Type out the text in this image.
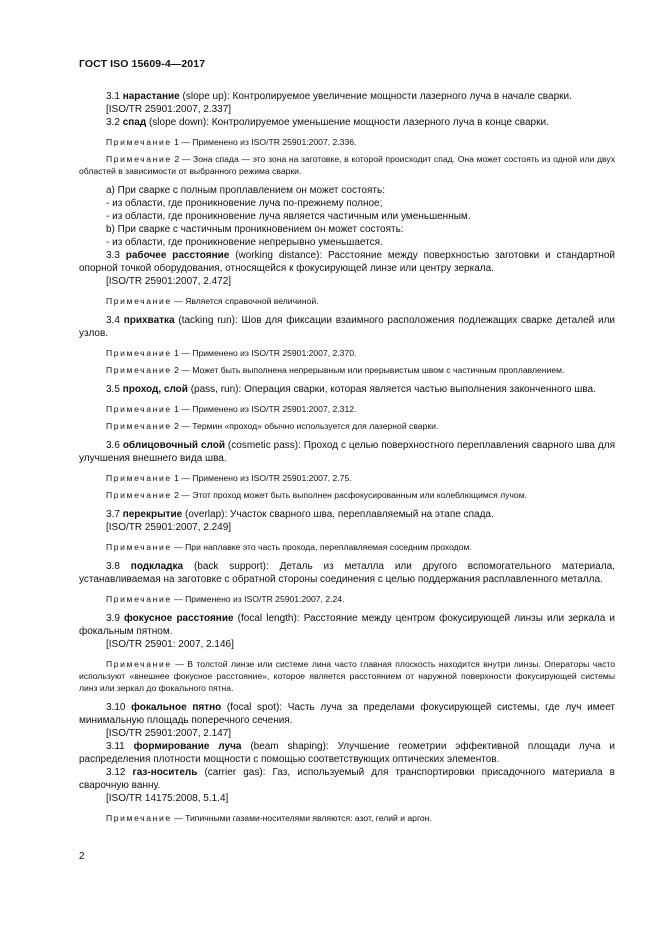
ГОСТ ISO 15609-4—2017

3.1 нарастание (slope up): Контролируемое увеличение мощности лазерного луча в начале сварки.

[ISO/TR 25901:2007, 2.337]

3.2 спад (slope down): Контролируемое уменьшение мощности лазерного луча в конце сварки.

Примечание 1 — Применено из ISO/TR 25901:2007, 2.336.

Примечание 2 — Зона спада — это зона на заготовке, в которой происходит спад. Она может состоять из одной или двух областей в зависимости от выбранного режима сварки.

а) При сварке с полным проплавлением он может состоять:

- из области, где проникновение луча по-прежнему полное;

- из области, где проникновение луча является частичным или уменьшенным.

b) При сварке с частичным проникновением он может состоять:

- из области, где проникновение непрерывно уменьшается.

3.3 рабочее расстояние (working distance): Расстояние между поверхностью заготовки и стандартной опорной точкой оборудования, относящейся к фокусирующей линзе или центру зеркала.

[ISO/TR 25901:2007, 2.472]

Примечание — Является справочной величиной.

3.4 прихватка (tacking run): Шов для фиксации взаимного расположения подлежащих сварке деталей или узлов.

Примечание 1 — Применено из ISO/TR 25901:2007, 2.370.

Примечание 2 — Может быть выполнена непрерывным или прерывистым швом с частичным проплавлением.

3.5 проход, слой (pass, run): Операция сварки, которая является частью выполнения законченного шва.

Примечание 1 — Применено из ISO/TR 25901:2007, 2.312.

Примечание 2 — Термин «проход» обычно используется для лазерной сварки.

3.6 облицовочный слой (cosmetic pass): Проход с целью поверхностного переплавления сварного шва для улучшения внешнего вида шва.

Примечание 1 — Применено из ISO/TR 25901:2007, 2.75.

Примечание 2 — Этот проход может быть выполнен расфокусированным или колеблющимся лучом.

3.7 перекрытие (overlap): Участок сварного шва, переплавляемый на этапе спада.

[ISO/TR 25901:2007, 2.249]

Примечание — При наплавке это часть прохода, переплавляемая соседним проходом.

3.8 подкладка (back support): Деталь из металла или другого вспомогательного материала, устанавливаемая на заготовке с обратной стороны соединения с целью поддержания расплавленного металла.

Примечание — Применено из ISO/TR 25901:2007, 2.24.

3.9 фокусное расстояние (focal length): Расстояние между центром фокусирующей линзы или зеркала и фокальным пятном.

[ISO/TR 25901: 2007, 2.146]

Примечание — В толстой линзе или системе лина часто главная плоскость находится внутри линзы. Операторы часто используют «внешнее фокусное расстояние», которое является расстоянием от наружной поверхности фокусирующей системы линз или зеркал до фокального пятна.

3.10 фокальное пятно (focal spot): Часть луча за пределами фокусирующей системы, где луч имеет минимальную площадь поперечного сечения.

[ISO/TR 25901:2007, 2.147]

3.11 формирование луча (beam shaping): Улучшение геометрии эффективной площади луча и распределения плотности мощности с помощью соответствующих оптических элементов.

3.12 газ-носитель (carrier gas): Газ, используемый для транспортировки присадочного материала в сварочную ванну.

[ISO/TR 14175:2008, 5.1.4]

Примечание — Типичными газами-носителями являются: азот, гелий и аргон.

2
